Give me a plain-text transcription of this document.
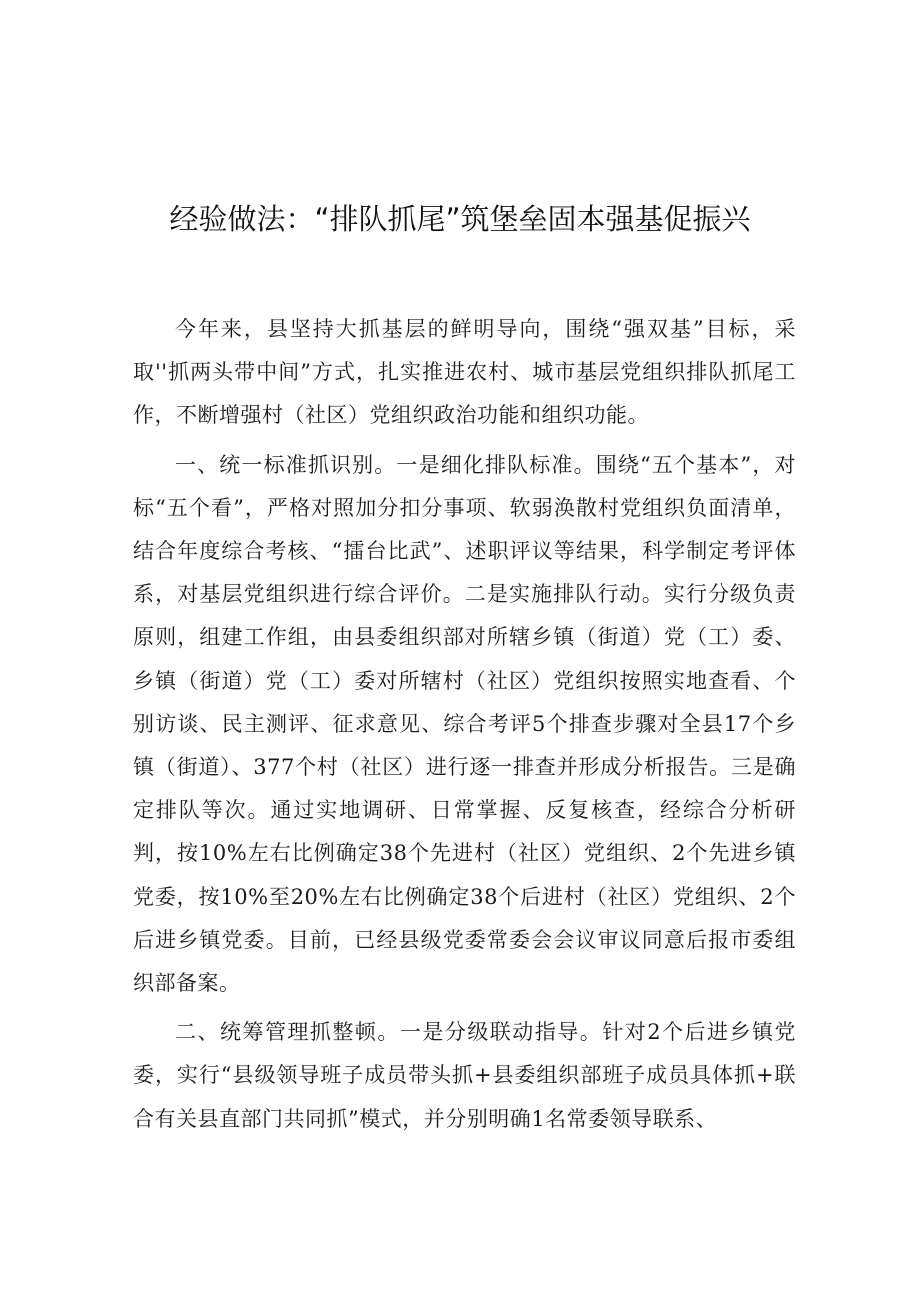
经验做法：“排队抓尾”筑堡垒固本强基促振兴

今年来，县坚持大抓基层的鲜明导向，围绕“强双基”目标，采取''抓两头带中间”方式，扎实推进农村、城市基层党组织排队抓尾工作，不断增强村（社区）党组织政治功能和组织功能。

一、统一标准抓识别。一是细化排队标准。围绕“五个基本”，对标“五个看”，严格对照加分扣分事项、软弱涣散村党组织负面清单，结合年度综合考核、“擂台比武”、述职评议等结果，科学制定考评体系，对基层党组织进行综合评价。二是实施排队行动。实行分级负责原则，组建工作组，由县委组织部对所辖乡镇（街道）党（工）委、乡镇（街道）党（工）委对所辖村（社区）党组织按照实地查看、个别访谈、民主测评、征求意见、综合考评5个排查步骤对全县17个乡镇（街道）、377个村（社区）进行逐一排查并形成分析报告。三是确定排队等次。通过实地调研、日常掌握、反复核查，经综合分析研判，按10%左右比例确定38个先进村（社区）党组织、2个先进乡镇党委，按10%至20%左右比例确定38个后进村（社区）党组织、2个后进乡镇党委。目前，已经县级党委常委会会议审议同意后报市委组织部备案。

二、统筹管理抓整顿。一是分级联动指导。针对2个后进乡镇党委，实行“县级领导班子成员带头抓+县委组织部班子成员具体抓+联合有关县直部门共同抓”模式，并分别明确1名常委领导联系、
